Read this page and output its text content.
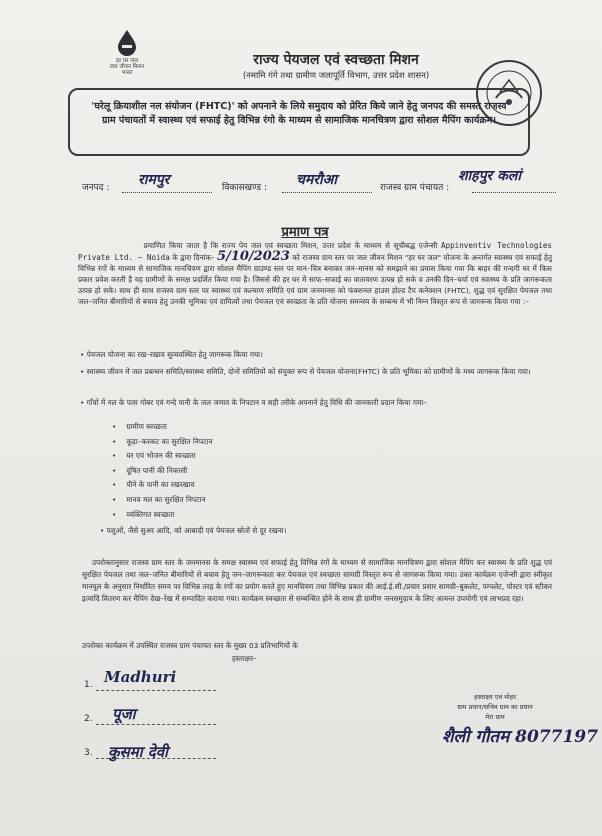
हर घर जल
जल जीवन मिशन
भारत
राज्य पेयजल एवं स्वच्छता मिशन
(नमामि गंगे तथा ग्रामीण जलापूर्ति विभाग, उत्तर प्रदेश शासन)
'घरेलू क्रियाशील नल संयोजन (FHTC)' को अपनाने के लिये समुदाय को प्रेरित किये जाने हेतु जनपद की समस्त राजस्व ग्राम पंचायतों में स्वास्थ्य एवं सफाई हेतु विभिन्न रंगो के माध्यम से सामाजिक मानचित्रण द्वारा सोशल मैपिंग कार्यक्रम।
जनपद : रामपुर	विकासखण्ड : चमरौआ	राजस्व ग्राम पंचायत :
शाहपुर कलां
प्रमाण पत्र
प्रमाणित किया जाता है कि राज्य पेय जल एवं स्वच्छता मिशन, उत्तर प्रदेश के माध्यम से सूचीबद्ध एजेन्सी Appinventiv Technologies Private Ltd. – Noida के द्वारा दिनांक– 5/10/2023 को राजस्व ग्राम स्तर पर जल जीवन मिशन "हर घर जल" योजना के अन्तर्गत स्वास्थ्य एवं सफाई हेतु विभिन्न रंगों के माध्यम से सामाजिक मानचित्रण द्वारा सोशल मैपिंग ग्राउण्ड स्तर पर मान–चित्र बनाकर जन–मानस को समझाने का प्रयास किया गया कि बाहर की गन्दगी घर में किस प्रकार प्रवेश करती है यह ग्रामीणों के समक्ष प्रदर्शित किया गया है। जिससे की हर घर में साफ–सफाई का वातावरण उत्पन्न हो सके व उनकी दिन–चर्या एवं स्वास्थ्य के प्रति जागरूकता उत्पन्न हो सके। साथ ही साथ राजस्व ग्राम स्तर पर स्वास्थ्य एवं कल्याण समिति एवं ग्राम जनमानस को फंक्शनल हाउस होल्ड टैप कनेक्शन (FHTC), शुद्ध एवं सुरक्षित पेयजल तथा जल–जनित बीमारियों से बचाव हेतु उनकी भूमिका एवं दायित्वों तथा पेयजल एवं स्वच्छता के प्रति योजना समन्वय के सम्बन्ध में भी निम्न विस्तृत रूप से जागरूक किया गया :–
• पेयजल योजना का रख–रखाव सुव्यवस्थित हेतु जागरूक किया गया।
• स्वास्थ्य जीवन में जल प्रबन्धन समिति/स्वास्थ्य समिति, दोनों समितियों को संयुक्त रूप से पेयजल योजना(FHTC) के प्रति भूमिका को ग्रामीणों के मध्य जागरूक किया गया।
• गाँवों में नल के पास गोबर एवं गन्दे पानी के जल जमाव के निपटान व सही तरीके अपनाने हेतु विधि की जानकारी प्रदान किया गया–
• ग्रामीण स्वच्छता
• कूड़ा–करकट का सुरक्षित निपटान
• घर एवं भोजन की स्वच्छता
• दूषित पानी की निकासी
• पीने के पानी का रखरखाव
• मानव मल का सुरक्षित निपटान
• व्यक्तिगत स्वच्छता
• पशुओं, जैसे सुअर आदि, को आबादी एवं पेयजल स्रोतों से दूर रखना।
उपरोक्तानुसार राजस्व ग्राम स्तर के जनमानस के समक्ष स्वास्थ्य एवं सफाई हेतु विभिन्न रंगों के माध्यम से सामाजिक मानचित्रण द्वारा सोशल मैपिंग कर स्वास्थ्य के प्रति शुद्ध एवं सुरक्षित पेयजल तथा जल–जनित बीमारियों से बचाव हेतु जन–जागरूकता कर पेयजल एवं स्वच्छता सामग्री विस्तृत रूप से जागरूक किया गया। उक्त कार्यक्रम एजेन्सी द्वारा स्वीकृत मानयूल के अनुसार निर्धारित समय पर विभिन्न तरह के रंगों का प्रयोग करते हुए मानचित्रण तथा विभिन्न प्रकार की आई.ई.सी./प्रचार प्रसार सामग्री–बुकलेट, पम्पलेट, पोस्टर एवं स्टीकर इत्यादि वितरण कर मैपिंग देख–रेख में सम्पादित कराया गया। कार्यक्रम स्वच्छता से सम्बन्धित होने के साथ ही ग्रामीण जनसमुदाय के लिए अत्यन्त उपयोगी एवं लाभप्रद रहा।
उपरोक्त कार्यक्रम में उपस्थित राजस्व ग्राम पंचायत स्तर के मुख्य 03 प्रतिभागियों के
हस्ताक्षर–
1. Madhuri
2. पूजा
3. कुसमा देवी
हस्ताक्षर एवं मोहर
ग्राम प्रधान/सचिव ग्राम का प्रधान
मेरा ग्राम
शैली गौतम 8077197
